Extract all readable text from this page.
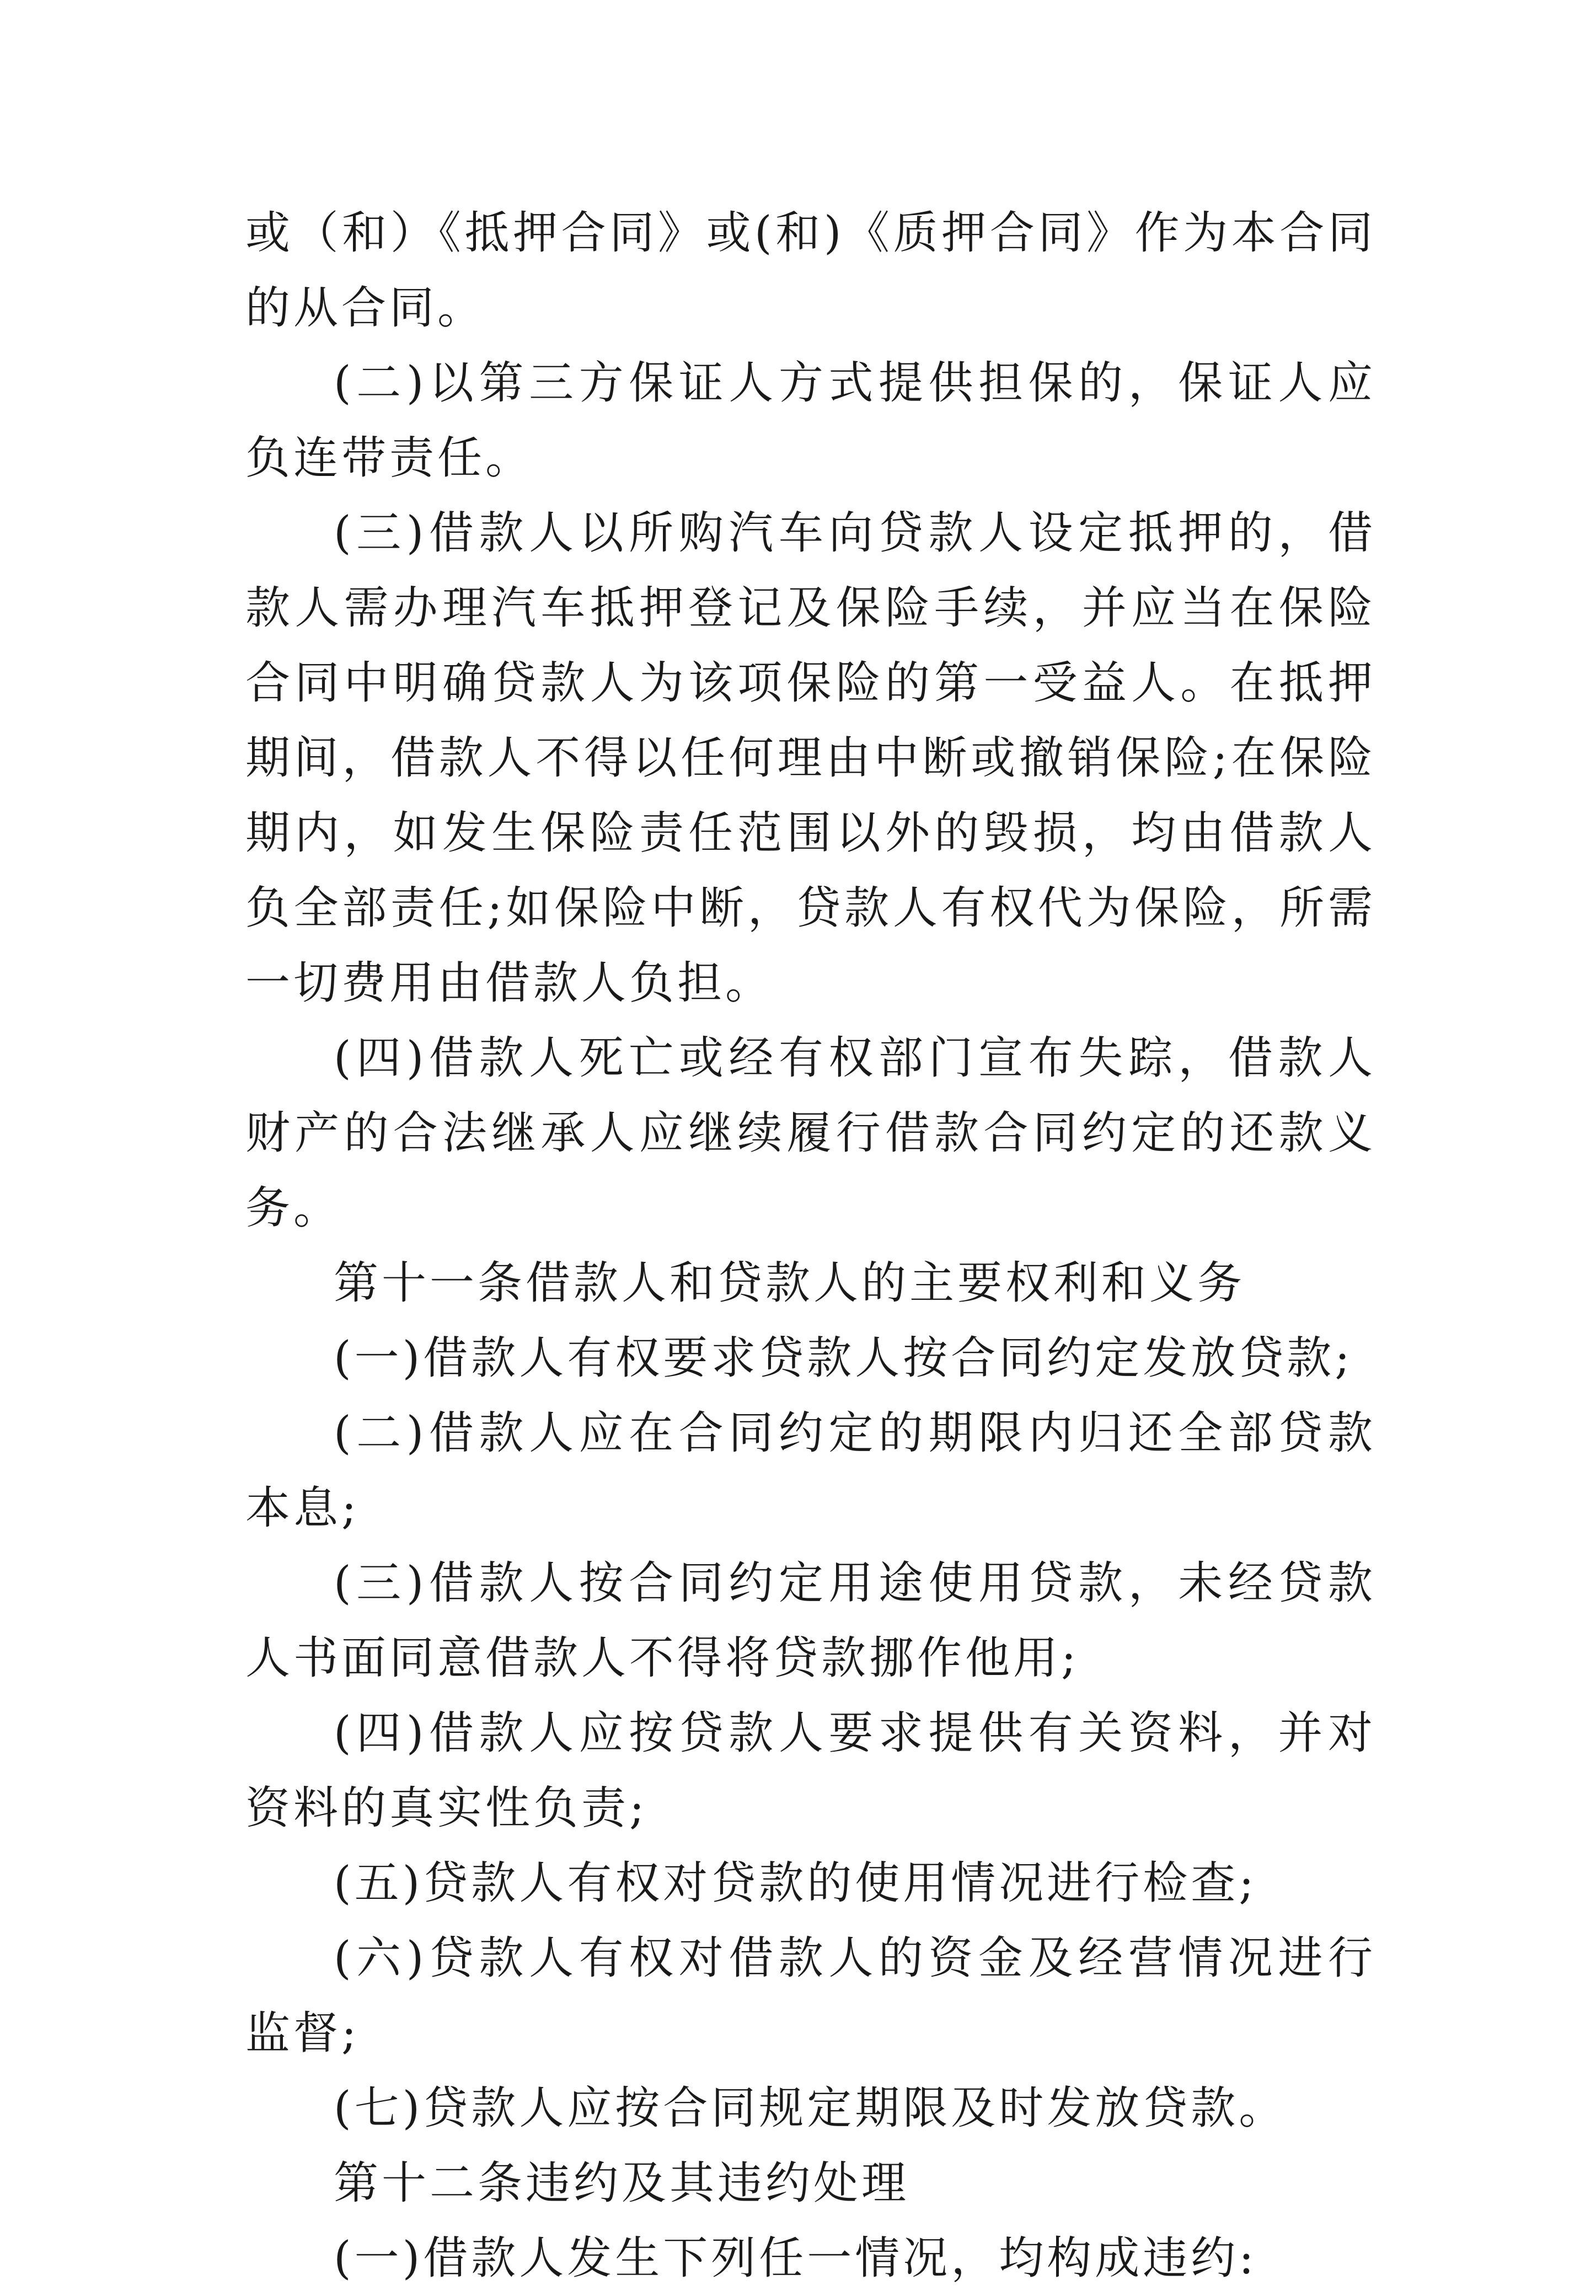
或（和）《抵押合同》或(和)《质押合同》作为本合同的从合同。

(二)以第三方保证人方式提供担保的，保证人应负连带责任。

(三)借款人以所购汽车向贷款人设定抵押的，借款人需办理汽车抵押登记及保险手续，并应当在保险合同中明确贷款人为该项保险的第一受益人。在抵押期间，借款人不得以任何理由中断或撤销保险;在保险期内，如发生保险责任范围以外的毁损，均由借款人负全部责任;如保险中断，贷款人有权代为保险，所需一切费用由借款人负担。

(四)借款人死亡或经有权部门宣布失踪，借款人财产的合法继承人应继续履行借款合同约定的还款义务。

第十一条借款人和贷款人的主要权利和义务

(一)借款人有权要求贷款人按合同约定发放贷款;

(二)借款人应在合同约定的期限内归还全部贷款本息;

(三)借款人按合同约定用途使用贷款，未经贷款人书面同意借款人不得将贷款挪作他用;

(四)借款人应按贷款人要求提供有关资料，并对资料的真实性负责;

(五)贷款人有权对贷款的使用情况进行检查;

(六)贷款人有权对借款人的资金及经营情况进行监督;

(七)贷款人应按合同规定期限及时发放贷款。

第十二条违约及其违约处理

(一)借款人发生下列任一情况，均构成违约:
